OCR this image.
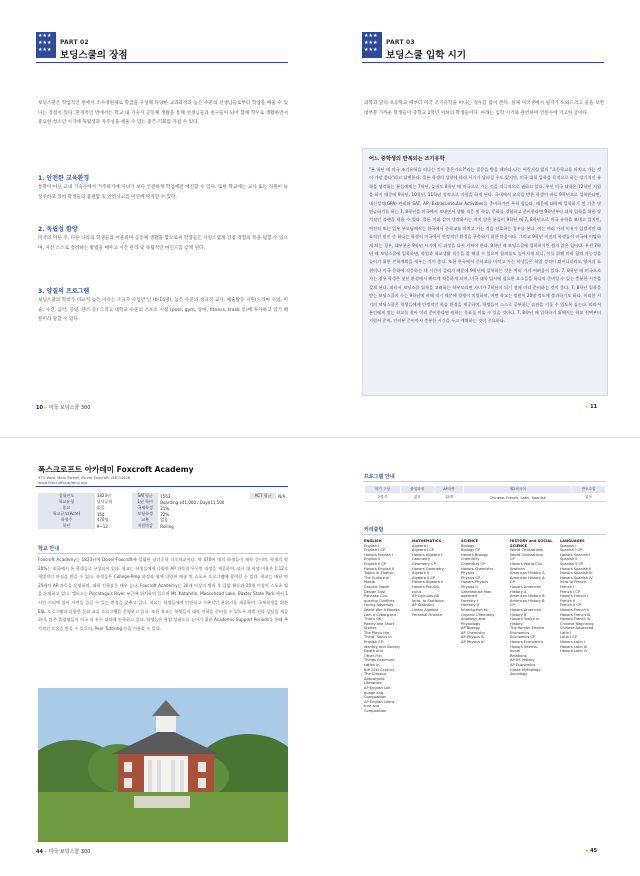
★★★
★★★
★★★
PART 02
보딩스쿨의 장점
보딩스쿨은 학업적인 면에서 소수정원제로 학급을 구성해 다양한 교과과정과 높은 수준의 선생님들로부터 학업을 배울 수 있다는 장점이 있다. 환경적인 면에서는 학교 내 기숙사 공동체 생활을 통해 선생님들과 친구들이 되어 함께 학우로 생활하면서 중요한 청소년 시기에 독립성과 자주성을 세울 수 있는 좋은 기회를 가질 수 있다.
1. 안전한 교육환경
통학이 아닌 교내 기숙사에서 거주하기에 자녀가 보다 안전하게 학업에만 매진할 수 있다. 또한 학교에는 교사 또는 직원이 늘 상주하고 있어 학생들의 불편함 및 안전사고를 미연에 방지할 수 있다.
2. 독립성 함양
미국의 다른 주, 다른 나라의 학생들과 어울리며 공동체 생활을 함으로써 학생들은 자연스럽게 간접 경험의 폭을 넓힐 수 있으며, 자신 스스로 결정하는 방법을 배우고 시간 관리 및 독립적인 마인드를 갖게 된다.
3. 양질의 프로그램
보딩스쿨의 학비가 비교적 높은 이유는 소규모 수업반 인 (6-15명), 높은 수준의 정규직 교사, 예술활동 지원(드라마 수업, 미술, 사진, 음악, 공연, 댄스 등) 그리고 대학교 수준의 스포츠 시설 (pool, gym, 승마, fitness, track 등)에 투자하고 있기 때문이라 말할 수 있다.
10 ▸ 미국 보딩스쿨 300
★★★
★★★
★★★
PART 03
보딩스쿨 입학 시기
과학과 달리 초등학교 때부터 미국 조기유학을 떠나는 경우를 많이 본다. 실제 미국생에서 필자가 도와드리고 골을 보면 대부분 가까운 학생들이 중학교 2학년 이하의 학생들이다. 아래는 입학 시기와 관련하여 언론사에 기고한 글이다.
어느 중학생의 반복되는 조기유학
"본 학년 때 미국 조기유학을 떠나는 것이 좋은가요?"라는 질문을 받을 때마다 나는 어릿거림 없이 "초등학교를 마치고 가는 것이 가장 좋다"라고 답변한다. 물론 학생의 성향에 따라 시기가 달라질 수도 있지만, 미국 대학 입학을 목적으로 하는 장기적인 유학을 생각하는 분들에게는 7학년, 늦어도 8학년 때 미국으로 가는 것을 적극적으로 권하고 있다. 우선 미국 대학은 12학년 지원을 하기 때문에 9학년, 10학년, 11학년 성적으로 지원을 하게 된다. 국내에서 교육을 받은 학생이 바로 9학년으로 입학한다면, 내신성적(GPA) 관리와 SAT, AP, Extracurricular Activities를 준비하기란 무척 힘들다. 때문에 대학에 입학하기 전 기준 및 연습하기를 하는 7, 8학년을 미국에서 보내면서 생활 적응 및 학습, 문화를 경험하고 준비한다면 9학년부터 대학 입학을 위한 장기적인 플랜을 세울 수 있다. 물론 이와 같이 생각하시는 적지 않은 분들이 9학년 때 7, 8학년으로 미국 유학을 보내고 있지만, 여전히 또는 일부 부모님께서는 한국에서 중학교를 마치고 가는 것을 선호하는 경우를 본다. 이는 여러 가지 이유가 있겠지만 대표적인 원인 중 하나는 학생이 미국에서 안정적인 환경을 구축하기 위한 마음이다. 그리고 9학년 이전의 학생들이 미국에 이탈하게 되는 경우, 대부분은 9학년 시기에 이 과정을 다시 거쳐야 한다. 9학년 때 보딩스쿨에 입학하기란 쉽지 않은 일이다. 우선 7학년 때 보딩스쿨에 입학하면, 학업과 학교생활 적응을 잘 해낼 수 있으며 합격률도 높아지게 되니, 이를 위해 미리 합격 가능성을 높이기 위한 진학계획을 세우는 것이 좋다. 또한 한국에서 중학교를 마치고 가는 학생들은 학업 성적이 뛰어나더라도 영어의 표현이나 미국 문화에 적응하는 데 시간이 걸리기 때문에 9학년에 입학하는 것은 여러 가지 어려움이 있다. 7, 8학년 때 미국으로 가는 경우 학생은 낯선 환경에서 빠르게 적응하게 되며, 미국 대학 입시에 필요한 요소들을 하나씩 준비할 수 있는 충분한 시간을 갖게 된다. 따라서 보딩스쿨 입학을 고려하는 학부모라면 자녀가 7학년이 되기 전에 미리 준비하는 것이 좋다. 7, 8학년 입학을 받는 보딩스쿨의 수는 9학년에 비해 적기 때문에 경쟁이 치열하며, 어떤 학교는 정원이 20명 정도에 불과하기도 하다. 이러한 시기의 보딩스쿨은 학생들에게 안정적인 학습 환경을 제공하며, 학생들이 스스로 공부하는 습관을 기를 수 있도록 돕는다. 따라서 본인에게 맞는 학교를 찾아 미리 준비한다면 원하는 목표를 이룰 수 있을 것이다. 7, 8학년 때 입학하기 위해서는 학교 선택부터 지원서 준비, 인터뷰 준비까지 충분한 시간을 두고 계획하는 것이 중요하다.
▸ 11
폭스크로프트 아카데미 Foxcroft Academy
975 West Main Street, Dover Foxcroft, ME 04426
www.foxcroftacademy.org
설립연도	1823년
학교유형	남녀공학
종교	없음
학교규모(Acre)	150
학생수	470명
학년	9~12
SAT평균	1563
1년 학비	Boarding $41,000 / Day$11,500
국제학생	21%
보딩학생	22%
교복	없음
지원마감	Rolling
ACT 평균	N/A
학교 안내
Foxcroft Academy는 1823년에 Dover-Foxcroft에 설립된 남녀공학 기숙학교이다. 약 470여 명의 학생들이 재학 중이며, 학생의 약 20%는 외국에서 온 학생들로 구성되어 있다. 학교는 학생들에게 다양한 AP 과목과 우등반 과정을 제공하며, 교사 대 학생 비율은 1:12로 개별적인 관심을 받을 수 있다. 학생들은 College-Prep 과정과 함께 다양한 예술 및 스포츠 프로그램에 참여할 수 있다. 학교는 매년 약 25개의 AP 과목을 운영하며, 대학 진학률은 매우 높다. Foxcroft Academy는 30개 이상의 방과 후 클럽 활동과 20개 이상의 스포츠 팀을 운영하고 있다. 캠퍼스는 Piscataquis River 부근에 위치하여 있으며 Mt. Katahdin, Moosehead Lake, Baxter State Park 에서 1시간 거리에 있어 자연을 즐길 수 있는 환경을 갖추고 있다. 학교는 학생들에게 안전하고 가족적인 분위기를 제공하며, 국제학생을 위한 ESL 프로그램과 다양한 문화 교류 프로그램을 운영하고 있다. 또한 학교는 학생들이 대학 진학을 준비할 수 있도록 개별 진학 상담을 제공하며, 많은 졸업생들이 미국 내 우수 대학에 진학하고 있다. 학생들은 학업 성취도를 높이기 위한 Academic Support Periods를 통해 추가적인 도움을 받을 수 있으며, Peer Tutoring 등을 이용할 수 있다.
44 ▸ 미국 보딩스쿨 300
프로그램 안내
학기 구성	졸업과정	AP과목	제2외국어	반도수업
2학기	없음	12개	Chinese, French, Latin, Spanish	있음
커리큘럼
ENGLISH
English I
English I CP
Honors English I
English II
English II CP
Honors English II
Topics in English:
The Culture of
Media
Graphic Novel
Design Soul
Pancake Con-
quering Conflicts
Facing Adversity
World War II Ebooks
Lam a Cyborg but
That's OK
Poetry and Short
Stories
The Play's the
Thing: Topics in
English CP:
Identity and Society
Death and
Other Fun
Things Communi-
cation in
the 21st Century
The Classics
Apocalyptic
Literature
AP English Lan-
guage and
Composition
AP English Litera-
ture and
Composition
MATHEMATICS
Algebra I
Algebra I CP
Honors Algebra I
Geometry
Geometry CP
Honors Geometry
Algebra II
Algebra II CP
Honors Algebra II
Honors Pre-Cal-
culus
AP Calculus AB
Intro. to Statistics
AP Statistics
Linear Algebra
Personal Finance
SCIENCE
Biology
Biology CP
Honors Biology
Chemistry
Chemistry CP
Honors Chemistry
Physics
Physics CP
Honors Physics
Physics II
Greenhouse Man-
agement
Forestry I
Forestry II
Introduction to
Organic Chemistry
Anatomy and
Physiology
AP Biology
AP Chemistry
AP Physics B
AP Physics III
HISTORY and SOCIAL SCIENCE
World Civilizations
World Civilizations
CP
Honors World Civi-
lizations
American History A
American History A
CP
Honors American
History A
American History B
American History B
CP
Honors American
History B
Honors Topics in
History
The Roman Empire
Economics
Economics CP
Honors Economics
Honors Interna-
tional
Relations
AP US History
AP Economics
Greek Mythology
Sociology
LANGUAGES
Spanish I
Spanish I CP
Honors Spanish I
Spanish II
Spanish II CP
Honors Spanish II
Honors Spanish III
Honors Spanish IV
Intro to French
French I
French I CP
Honors French I
French II
French II CP
Honors French II
Honors French III
Honors French IV
Chinese Beginning
Chinese Advanced
Latin I
Latin I CP
Honors Latin I
Honors Latin III
Honors Latin IV
▸ 45
